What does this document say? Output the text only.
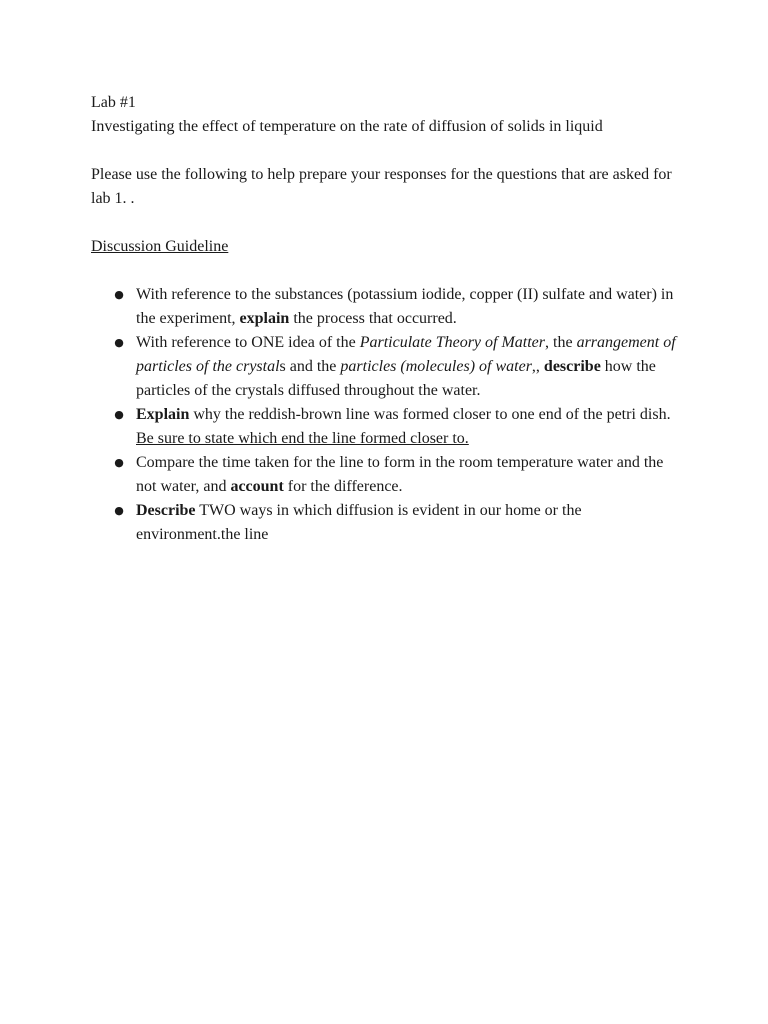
Lab #1
Investigating the effect of temperature on the rate of diffusion of solids in liquid

Please use the following to help prepare your responses for the questions that are asked for lab 1. .

Discussion Guideline
● With reference to the substances (potassium iodide, copper (II) sulfate and water) in the experiment, explain the process that occurred.
● With reference to ONE idea of the Particulate Theory of Matter, the arrangement of particles of the crystals and the particles (molecules) of water,, describe how the particles of the crystals diffused throughout the water.
● Explain why the reddish-brown line was formed closer to one end of the petri dish. Be sure to state which end the line formed closer to.
● Compare the time taken for the line to form in the room temperature water and the not water, and account for the difference.
● Describe TWO ways in which diffusion is evident in our home or the environment.the line
